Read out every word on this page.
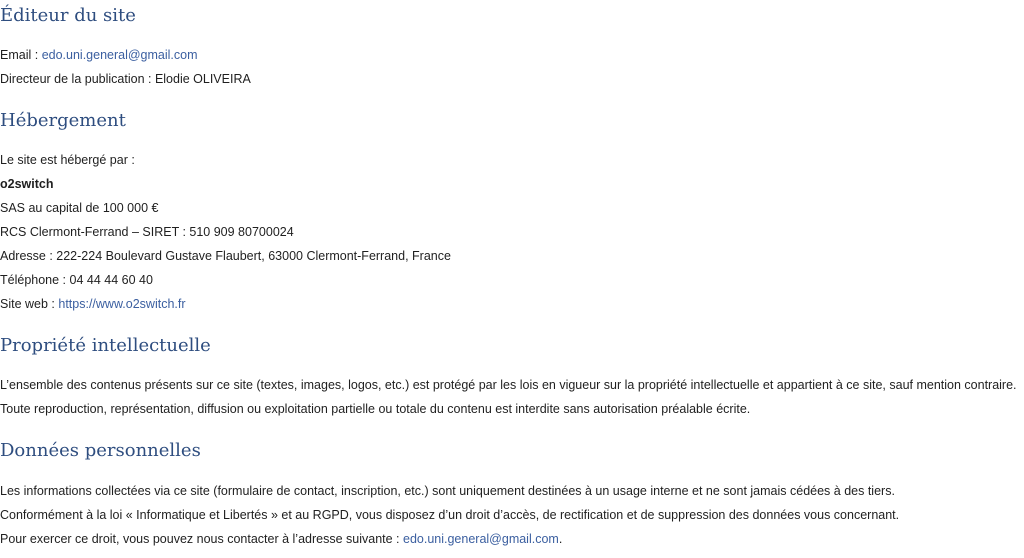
Éditeur du site
Email : edo.uni.general@gmail.com
Directeur de la publication : Elodie OLIVEIRA
Hébergement
Le site est hébergé par :
o2switch
SAS au capital de 100 000 €
RCS Clermont-Ferrand – SIRET : 510 909 80700024
Adresse : 222-224 Boulevard Gustave Flaubert, 63000 Clermont-Ferrand, France
Téléphone : 04 44 44 60 40
Site web : https://www.o2switch.fr
Propriété intellectuelle
L’ensemble des contenus présents sur ce site (textes, images, logos, etc.) est protégé par les lois en vigueur sur la propriété intellectuelle et appartient à ce site, sauf mention contraire.
Toute reproduction, représentation, diffusion ou exploitation partielle ou totale du contenu est interdite sans autorisation préalable écrite.
Données personnelles
Les informations collectées via ce site (formulaire de contact, inscription, etc.) sont uniquement destinées à un usage interne et ne sont jamais cédées à des tiers.
Conformément à la loi « Informatique et Libertés » et au RGPD, vous disposez d’un droit d’accès, de rectification et de suppression des données vous concernant.
Pour exercer ce droit, vous pouvez nous contacter à l’adresse suivante : edo.uni.general@gmail.com.
